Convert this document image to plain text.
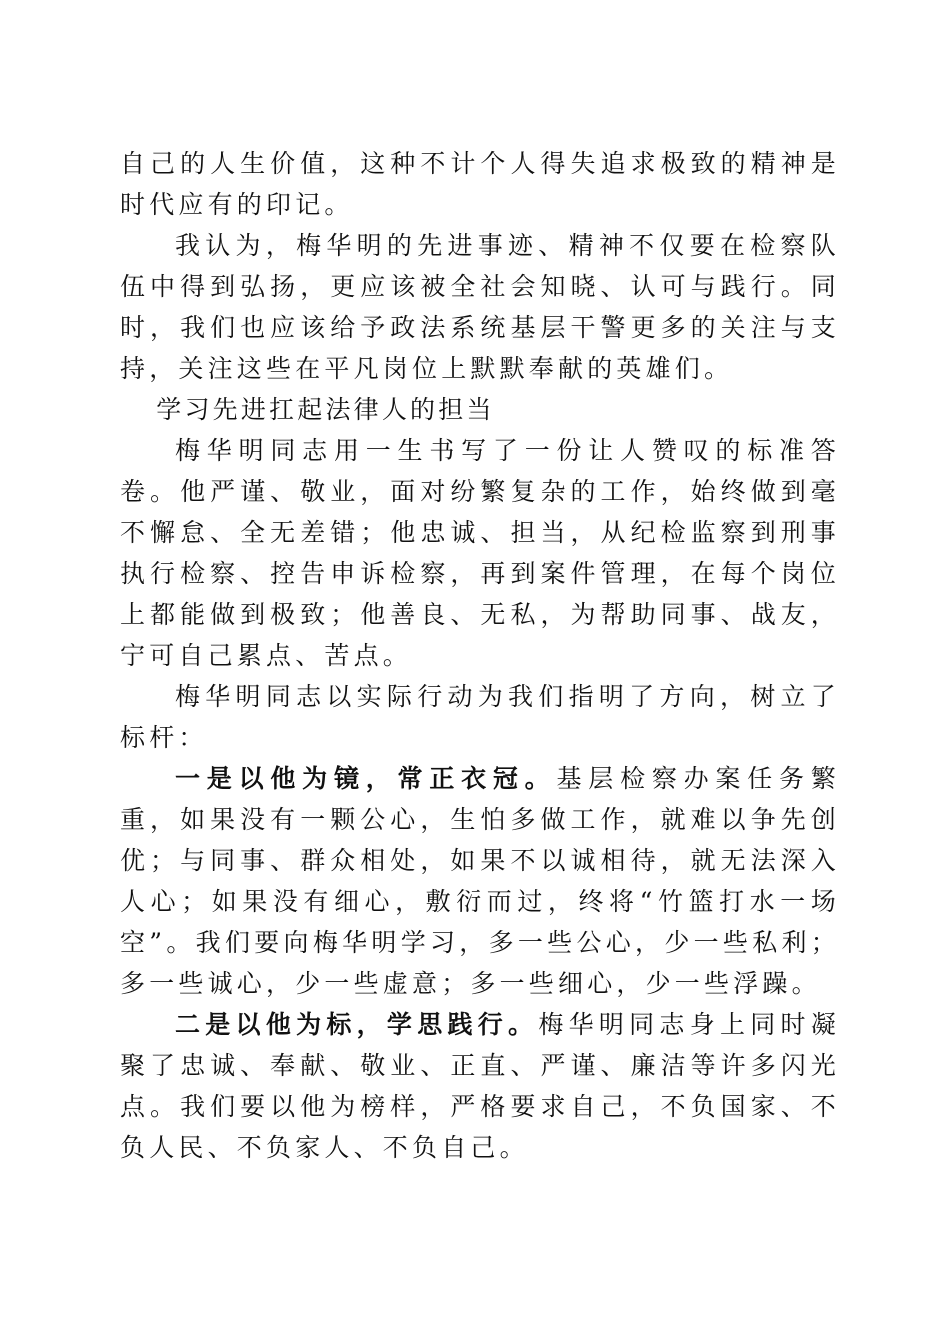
自己的人生价值，这种不计个人得失追求极致的精神是时代应有的印记。

我认为，梅华明的先进事迹、精神不仅要在检察队伍中得到弘扬，更应该被全社会知晓、认可与践行。同时，我们也应该给予政法系统基层干警更多的关注与支持，关注这些在平凡岗位上默默奉献的英雄们。

学习先进扛起法律人的担当

梅华明同志用一生书写了一份让人赞叹的标准答卷。他严谨、敬业，面对纷繁复杂的工作，始终做到毫不懈怠、全无差错；他忠诚、担当，从纪检监察到刑事执行检察、控告申诉检察，再到案件管理，在每个岗位上都能做到极致；他善良、无私，为帮助同事、战友，宁可自己累点、苦点。

梅华明同志以实际行动为我们指明了方向，树立了标杆：

一是以他为镜，常正衣冠。基层检察办案任务繁重，如果没有一颗公心，生怕多做工作，就难以争先创优；与同事、群众相处，如果不以诚相待，就无法深入人心；如果没有细心，敷衍而过，终将“竹篮打水一场空”。我们要向梅华明学习，多一些公心，少一些私利；多一些诚心，少一些虚意；多一些细心，少一些浮躁。

二是以他为标，学思践行。梅华明同志身上同时凝聚了忠诚、奉献、敬业、正直、严谨、廉洁等许多闪光点。我们要以他为榜样，严格要求自己，不负国家、不负人民、不负家人、不负自己。
